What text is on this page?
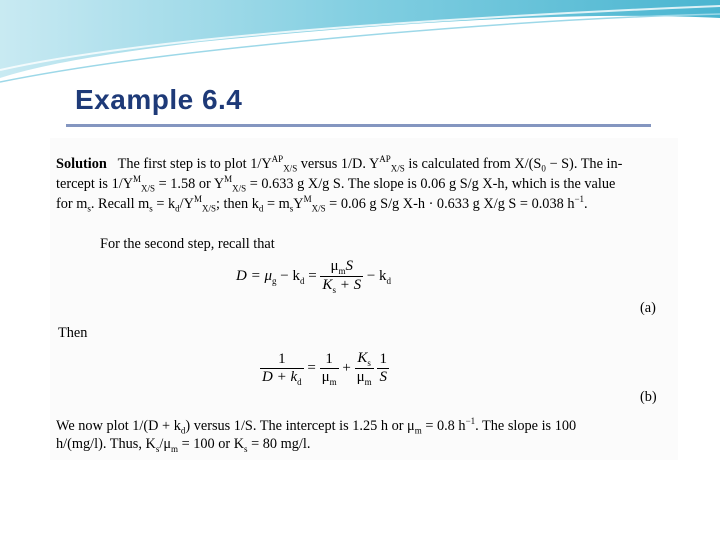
Example 6.4
Solution The first step is to plot $1/Y^{AP}_{X/S}$ versus 1/D. $Y^{AP}_{X/S}$ is calculated from $X/(S_0 - S)$. The in-
tercept is $1/Y^M_{X/S} = 1.58$ or $Y^M_{X/S} = 0.633$ g X/g S. The slope is 0.06 g S/g X-h, which is the value
for $m_s$. Recall $m_s = k_d/Y^M_{X/S}$; then $k_d = m_sY^M_{X/S} = 0.06$ g S/g X-h · 0.633 g X/g S = 0.038 $h^{-1}$.
For the second step, recall that
$D = \mu_g - k_d = \frac{\mu_mS}{K_s + S} - k_d$
(a)
Then
$\frac{1}{D + k_d} = \frac{1}{\mu_m} + \frac{K_s}{\mu_m}$
$\frac{1}{S}$
(b)
We now plot $1/(D + k_d)$ versus 1/S. The intercept is 1.25 h or $\mu_m = 0.8$ $h^{-1}$. The slope is 100
h/(mg/l). Thus, $K_s/\mu_m = 100$ or $K_s = 80$ mg/l.
